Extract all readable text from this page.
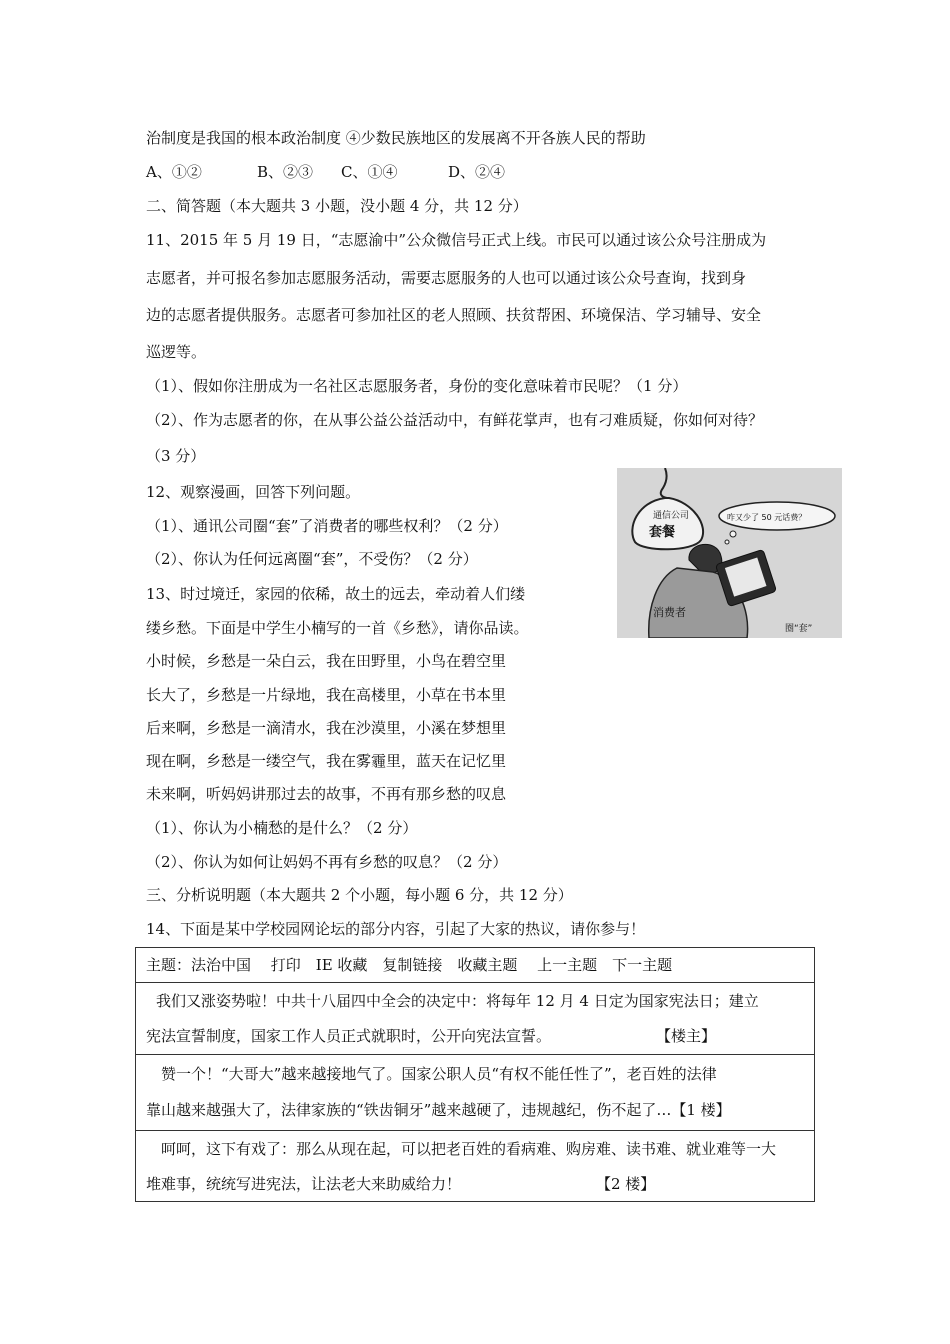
治制度是我国的根本政治制度 ④少数民族地区的发展离不开各族人民的帮助
A、①②	B、②③ C、①④	D、②④
二、简答题（本大题共 3 小题，没小题 4 分，共 12 分）
11、2015 年 5 月 19 日，“志愿渝中”公众微信号正式上线。市民可以通过该公众号注册成为
志愿者，并可报名参加志愿服务活动，需要志愿服务的人也可以通过该公众号查询，找到身
边的志愿者提供服务。志愿者可参加社区的老人照顾、扶贫帮困、环境保洁、学习辅导、安全
巡逻等。
（1）、假如你注册成为一名社区志愿服务者，身份的变化意味着市民呢？（1 分）
（2）、作为志愿者的你，在从事公益公益活动中，有鲜花掌声，也有刁难质疑，你如何对待？
（3 分）
12、观察漫画，回答下列问题。
（1）、通讯公司圈“套”了消费者的哪些权利？（2 分）
（2）、你认为任何远离圈“套”，不受伤？（2 分）
13、时过境迁，家园的依稀，故土的远去，牵动着人们缕
缕乡愁。下面是中学生小楠写的一首《乡愁》，请你品读。
小时候，乡愁是一朵白云，我在田野里，小鸟在碧空里
长大了，乡愁是一片绿地，我在高楼里，小草在书本里
后来啊，乡愁是一滴清水，我在沙漠里，小溪在梦想里
现在啊，乡愁是一缕空气，我在雾霾里，蓝天在记忆里
未来啊，听妈妈讲那过去的故事，不再有那乡愁的叹息
（1）、你认为小楠愁的是什么？（2 分）
（2）、你认为如何让妈妈不再有乡愁的叹息？（2 分）
三、分析说明题（本大题共 2 个小题，每小题 6 分，共 12 分）
14、下面是某中学校园网论坛的部分内容，引起了大家的热议，请你参与！
通信公司
套餐
咋又少了 50 元话费？
消费者
圈“套”
主题：法治中国　 打印　IE 收藏　复制链接　收藏主题　 上一主题　下一主题
我们又涨姿势啦！中共十八届四中全会的决定中：将每年 12 月 4 日定为国家宪法日；建立
宪法宣誓制度，国家工作人员正式就职时，公开向宪法宣誓。	【楼主】
赞一个！“大哥大”越来越接地气了。国家公职人员“有权不能任性了”，老百姓的法律
靠山越来越强大了，法律家族的“铁齿铜牙”越来越硬了，违规越纪，伤不起了…【1 楼】
呵呵，这下有戏了：那么从现在起，可以把老百姓的看病难、购房难、读书难、就业难等一大
堆难事，统统写进宪法，让法老大来助威给力！	【2 楼】
